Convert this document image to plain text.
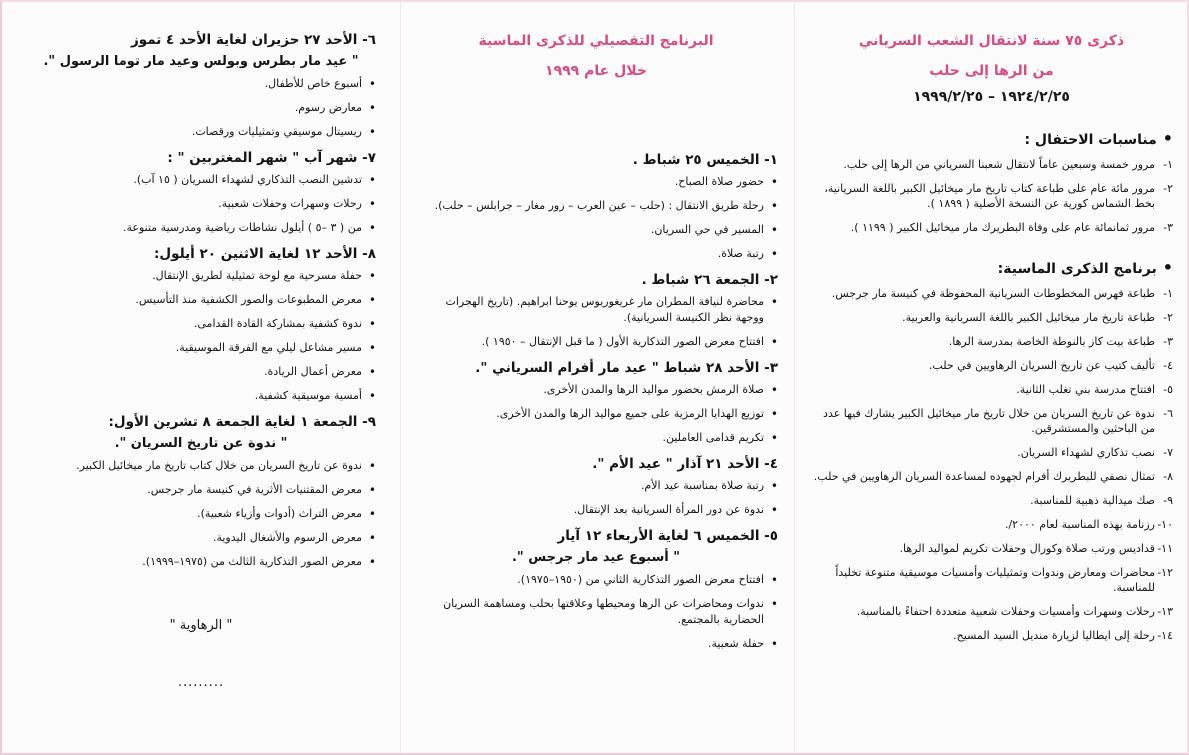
ذكرى ٧٥ سنة لانتقال الشعب السرياني
من الرها إلى حلب
١٩٢٤/٢/٢٥ – ١٩٩٩/٢/٢٥
•مناسبات الاحتفال :
١-
مرور خمسة وسبعين عاماً لانتقال شعبنا السرياني من الرها إلى حلب.
٢-
مرور مائة عام على طباعة كتاب تاريخ مار ميخائيل الكبير باللغة السريانية، بخط الشماس كورية عن النسخة الأصلية ( ١٨٩٩ ).
٣-
مرور ثمانمائة عام على وفاة البطريرك مار ميخائيل الكبير ( ١١٩٩ ).
•برنامج الذكرى الماسية:
١-
طباعة فهرس المخطوطات السريانية المحفوظة في كنيسة مار جرجس.
٢-
طباعة تاريخ مار ميخائيل الكبير باللغة السريانية والعربية.
٣-
طباعة بيت كاز بالنوطة الخاصة بمدرسة الرها.
٤-
تأليف كتيب عن تاريخ السريان الرهاويين في حلب.
٥-
افتتاح مدرسة بني تغلب الثانية.
٦-
ندوة عن تاريخ السريان من خلال تاريخ مار ميخائيل الكبير يشارك فيها عدد من الباحثين والمستشرقين.
٧-
نصب تذكاري لشهداء السريان.
٨-
تمثال نصفي للبطريرك أفرام لجهوده لمساعدة السريان الرهاويين في حلب.
٩-
صك ميدالية ذهبية للمناسبة.
١٠-
رزنامة بهذه المناسبة لعام ٢٠٠٠/.
١١-
قداديس ورتب صلاة وكورال وحفلات تكريم لمواليد الرها.
١٢-
محاضرات ومعارض وندوات وتمثيليات وأمسيات موسيقية متنوعة تخليداً للمناسبة.
١٣-
رحلات وسهرات وأمسيات وحفلات شعبية متعددة احتفاءً بالمناسبة.
١٤-
رحلة إلى ايطاليا لزيارة منديل السيد المسيح.
البرنامج التفصيلي للذكرى الماسية
خلال عام ١٩٩٩
١- الخميس ٢٥ شباط .
• حضور صلاة الصباح.
• رحلة طريق الانتقال : (حلب – عين العرب – زور مغار – جرابلس – حلب).
• المسير في حي السريان.
• رتبة صلاة.
٢- الجمعة ٢٦ شباط .
• محاضرة لنيافة المطران مار غريغوريوس يوحنا ابراهيم. (تاريخ الهجرات ووجهة نظر الكنيسة السريانية).
• افتتاح معرض الصور التذكارية الأول ( ما قبل الإنتقال – ١٩٥٠ ).
٣- الأحد ٢٨ شباط " عيد مار أفرام السرياني ".
• صلاة الرمش بحضور مواليد الرها والمدن الأخرى.
• توزيع الهدايا الرمزية على جميع مواليد الرها والمدن الأخرى.
• تكريم قدامى العاملين.
٤- الأحد ٢١ آذار " عيد الأم ".
• رتبة صلاة بمناسبة عيد الأم.
• ندوة عن دور المرأة السريانية بعد الإنتقال.
٥- الخميس ٦ لغاية الأربعاء ١٢ آيار
" أسبوع عيد مار جرجس ".
• افتتاح معرض الصور التذكارية الثاني من (١٩٥٠–١٩٧٥).
• ندوات ومحاضرات عن الرها ومحيطها وعلاقتها بحلب ومساهمة السريان الحضارية بالمجتمع.
• حفلة شعبية.
٦- الأحد ٢٧ حزيران لغاية الأحد ٤ تموز
" عيد مار بطرس وبولس وعيد مار توما الرسول ".
• أسبوع خاص للأطفال.
• معارض رسوم.
• ريسيتال موسيقي وتمثيليات ورقصات.
٧- شهر آب " شهر المغتربين " :
• تدشين النصب التذكاري لشهداء السريان ( ١٥ آب).
• رحلات وسهرات وحفلات شعبية.
• من ( ٣ –٥ ) أيلول نشاطات رياضية ومدرسية متنوعة.
٨- الأحد ١٢ لغاية الاثنين ٢٠ أيلول:
• حفلة مسرحية مع لوحة تمثيلية لطريق الإنتقال.
• معرض المطبوعات والصور الكشفية منذ التأسيس.
• ندوة كشفية بمشاركة القادة القدامى.
• مسير مشاعل ليلي مع الفرقة الموسيقية.
• معرض أعمال الريادة.
• أمسية موسيقية كشفية.
٩- الجمعة ١ لغاية الجمعة ٨ تشرين الأول:
" ندوة عن تاريخ السريان ".
• ندوة عن تاريخ السريان من خلال كتاب تاريخ مار ميخائيل الكبير.
• معرض المقتنيات الأثرية في كنيسة مار جرجس.
• معرض التراث (أدوات وأزياء شعبية).
• معرض الرسوم والأشغال اليدوية.
• معرض الصور التذكارية الثالث من (١٩٧٥–١٩٩٩).
" الرهاوية "
.........
